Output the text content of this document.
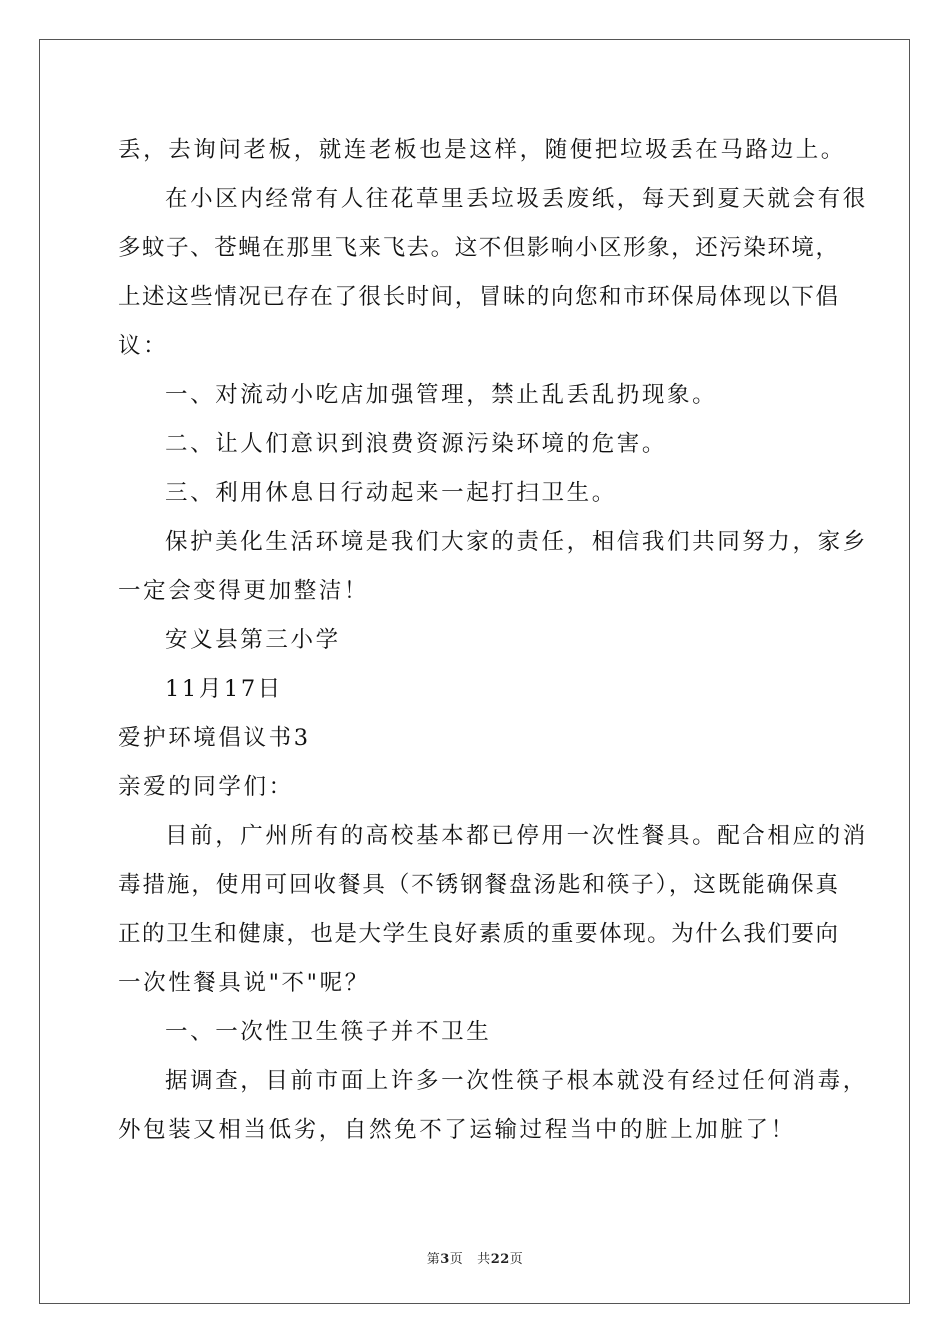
丢，去询问老板，就连老板也是这样，随便把垃圾丢在马路边上。
在小区内经常有人往花草里丢垃圾丢废纸，每天到夏天就会有很
多蚊子、苍蝇在那里飞来飞去。这不但影响小区形象，还污染环境，
上述这些情况已存在了很长时间，冒昧的向您和市环保局体现以下倡
议：
一、对流动小吃店加强管理，禁止乱丢乱扔现象。
二、让人们意识到浪费资源污染环境的危害。
三、利用休息日行动起来一起打扫卫生。
保护美化生活环境是我们大家的责任，相信我们共同努力，家乡
一定会变得更加整洁！
安义县第三小学
11月17日
爱护环境倡议书3
亲爱的同学们：
目前，广州所有的高校基本都已停用一次性餐具。配合相应的消
毒措施，使用可回收餐具（不锈钢餐盘汤匙和筷子），这既能确保真
正的卫生和健康，也是大学生良好素质的重要体现。为什么我们要向
一次性餐具说"不"呢？
一、一次性卫生筷子并不卫生
据调查，目前市面上许多一次性筷子根本就没有经过任何消毒，
外包装又相当低劣，自然免不了运输过程当中的脏上加脏了！
第3页 共22页
